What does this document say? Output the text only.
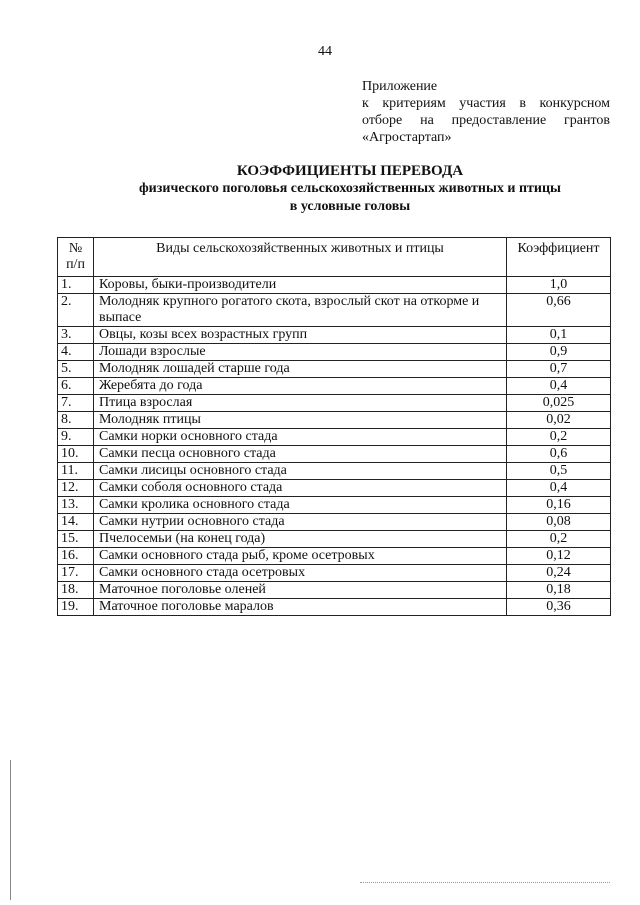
44
Приложение
к критериям участия в конкурсном
отборе на предоставление грантов
«Агростартап»
КОЭФФИЦИЕНТЫ ПЕРЕВОДА
физического поголовья сельскохозяйственных животных и птицы
в условные головы
№ п/п	Виды сельскохозяйственных животных и птицы	Коэффициент
1.	Коровы, быки-производители	1,0
2.	Молодняк крупного рогатого скота, взрослый скот на откорме и выпасе	0,66
3.	Овцы, козы всех возрастных групп	0,1
4.	Лошади взрослые	0,9
5.	Молодняк лошадей старше года	0,7
6.	Жеребята до года	0,4
7.	Птица взрослая	0,025
8.	Молодняк птицы	0,02
9.	Самки норки основного стада	0,2
10.	Самки песца основного стада	0,6
11.	Самки лисицы основного стада	0,5
12.	Самки соболя основного стада	0,4
13.	Самки кролика основного стада	0,16
14.	Самки нутрии основного стада	0,08
15.	Пчелосемьи (на конец года)	0,2
16.	Самки основного стада рыб, кроме осетровых	0,12
17.	Самки основного стада осетровых	0,24
18.	Маточное поголовье оленей	0,18
19.	Маточное поголовье маралов	0,36
